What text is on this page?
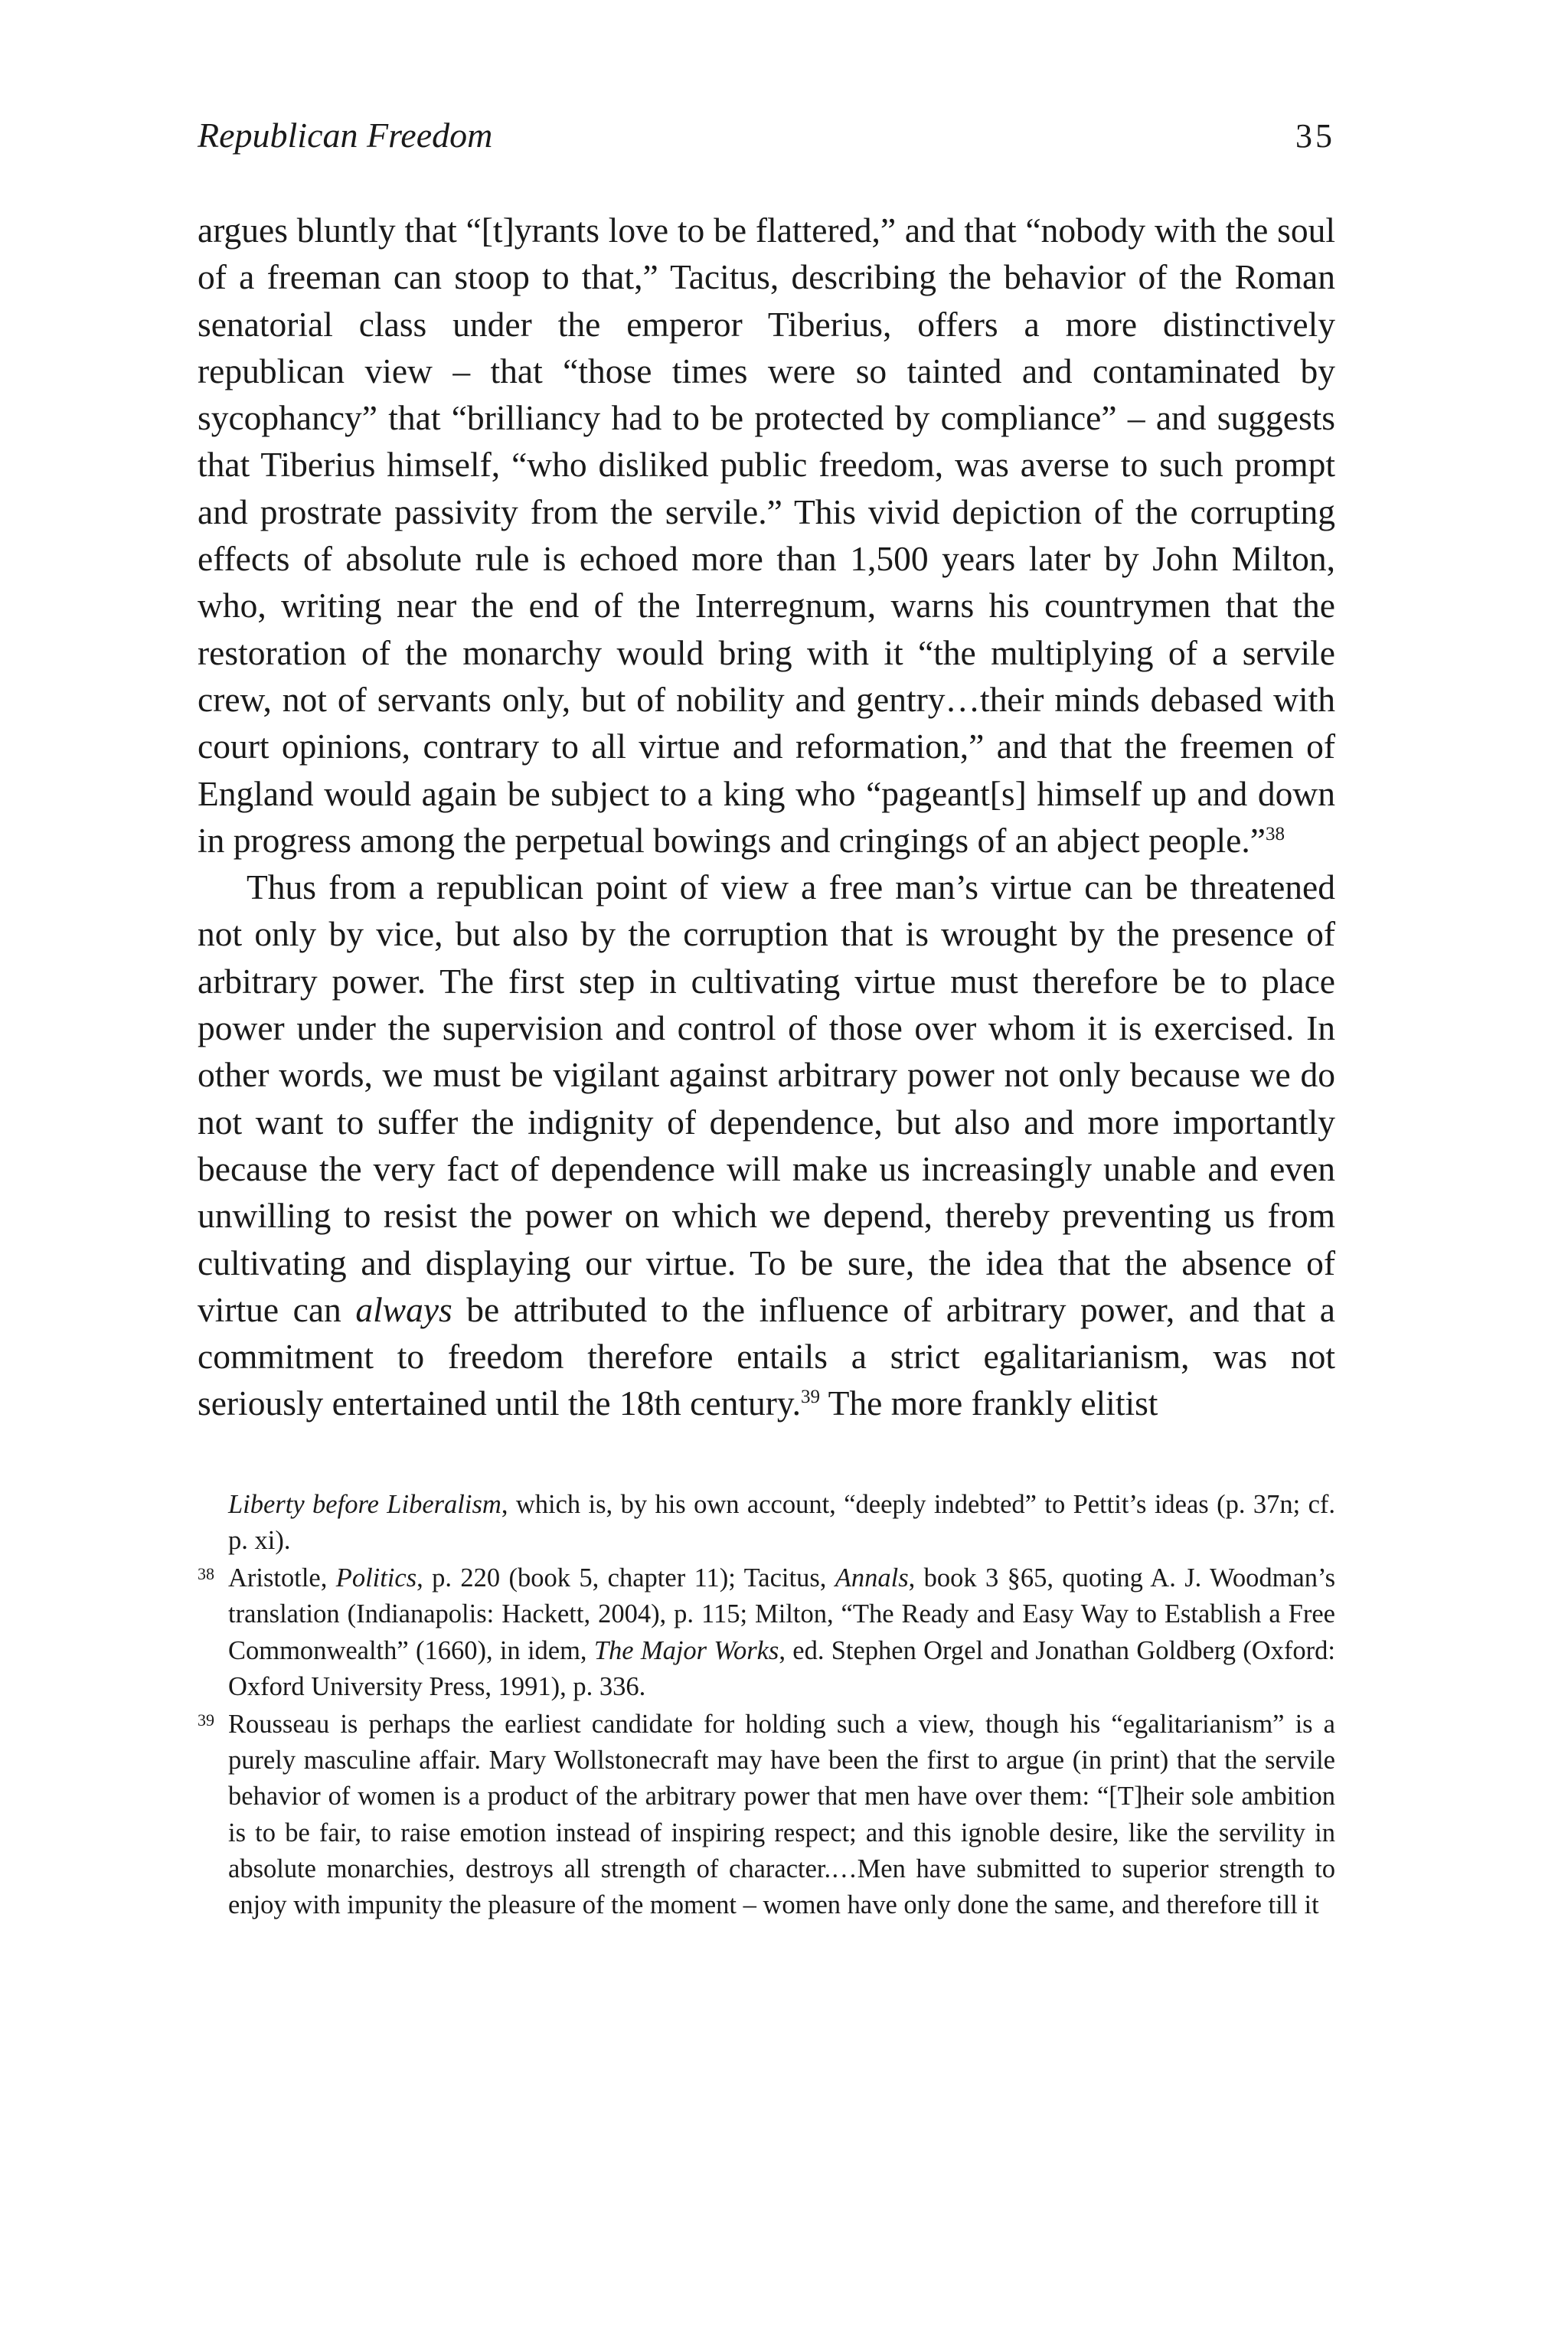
Republican Freedom	35

argues bluntly that “[t]yrants love to be flattered,” and that “nobody with the soul of a freeman can stoop to that,” Tacitus, describing the behavior of the Roman senatorial class under the emperor Tiberius, offers a more distinctively republican view – that “those times were so tainted and contaminated by sycophancy” that “brilliancy had to be protected by compliance” – and suggests that Tiberius himself, “who disliked public freedom, was averse to such prompt and prostrate passivity from the servile.” This vivid depiction of the corrupting effects of absolute rule is echoed more than 1,500 years later by John Milton, who, writing near the end of the Interregnum, warns his countrymen that the restoration of the monarchy would bring with it “the multiplying of a servile crew, not of servants only, but of nobility and gentry…their minds debased with court opinions, contrary to all virtue and reformation,” and that the freemen of England would again be subject to a king who “pageant[s] himself up and down in progress among the perpetual bowings and cringings of an abject people.”$^{38}$

Thus from a republican point of view a free man’s virtue can be threatened not only by vice, but also by the corruption that is wrought by the presence of arbitrary power. The first step in cultivating virtue must therefore be to place power under the supervision and control of those over whom it is exercised. In other words, we must be vigilant against arbitrary power not only because we do not want to suffer the indignity of dependence, but also and more importantly because the very fact of dependence will make us increasingly unable and even unwilling to resist the power on which we depend, thereby preventing us from cultivating and displaying our virtue. To be sure, the idea that the absence of virtue can always be attributed to the influence of arbitrary power, and that a commitment to freedom therefore entails a strict egalitarianism, was not seriously entertained until the 18th century.$^{39}$ The more frankly elitist

Liberty before Liberalism, which is, by his own account, “deeply indebted” to Pettit’s ideas (p. 37n; cf. p. xi).

38 Aristotle, Politics, p. 220 (book 5, chapter 11); Tacitus, Annals, book 3 §65, quoting A. J. Woodman’s translation (Indianapolis: Hackett, 2004), p. 115; Milton, “The Ready and Easy Way to Establish a Free Commonwealth” (1660), in idem, The Major Works, ed. Stephen Orgel and Jonathan Goldberg (Oxford: Oxford University Press, 1991), p. 336.

39 Rousseau is perhaps the earliest candidate for holding such a view, though his “egalitarianism” is a purely masculine affair. Mary Wollstonecraft may have been the first to argue (in print) that the servile behavior of women is a product of the arbitrary power that men have over them: “[T]heir sole ambition is to be fair, to raise emotion instead of inspiring respect; and this ignoble desire, like the servility in absolute monarchies, destroys all strength of character.…Men have submitted to superior strength to enjoy with impunity the pleasure of the moment – women have only done the same, and therefore till it
